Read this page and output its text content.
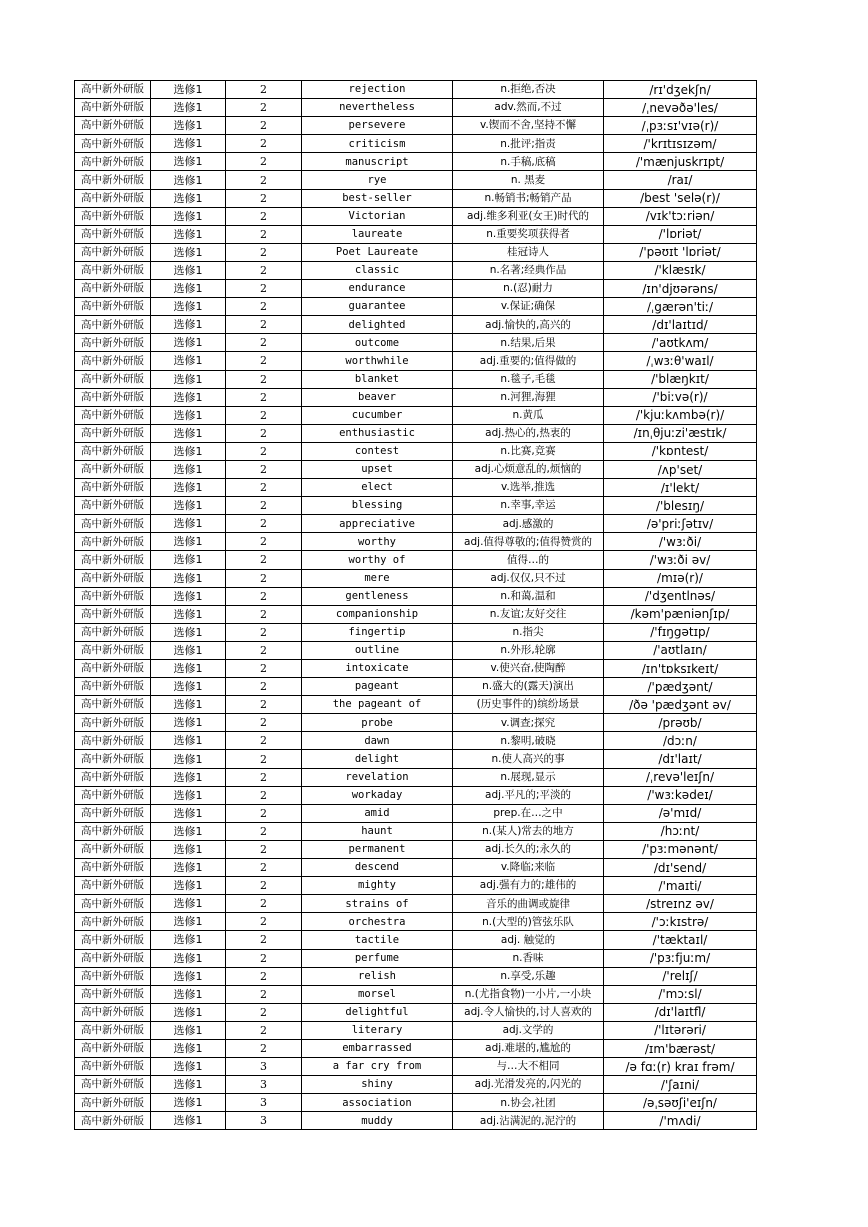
高中新外研版	选修1	2	rejection	n.拒绝,否决	/rɪ'dʒekʃn/
高中新外研版	选修1	2	nevertheless	adv.然而,不过	/ˌnevəðə'les/
高中新外研版	选修1	2	persevere	v.锲而不舍,坚持不懈	/ˌpɜːsɪ'vɪə(r)/
高中新外研版	选修1	2	criticism	n.批评;指责	/'krɪtɪsɪzəm/
高中新外研版	选修1	2	manuscript	n.手稿,底稿	/'mænjuskrɪpt/
高中新外研版	选修1	2	rye	n. 黑麦	/raɪ/
高中新外研版	选修1	2	best-seller	n.畅销书;畅销产品	/best 'selə(r)/
高中新外研版	选修1	2	Victorian	adj.维多利亚(女王)时代的	/vɪk'tɔːriən/
高中新外研版	选修1	2	laureate	n.重要奖项获得者	/'lɒriət/
高中新外研版	选修1	2	Poet Laureate	桂冠诗人	/'pəʊɪt 'lɒriət/
高中新外研版	选修1	2	classic	n.名著;经典作品	/'klæsɪk/
高中新外研版	选修1	2	endurance	n.(忍)耐力	/ɪn'djʊərəns/
高中新外研版	选修1	2	guarantee	v.保证;确保	/ˌgærən'tiː/
高中新外研版	选修1	2	delighted	adj.愉快的,高兴的	/dɪ'laɪtɪd/
高中新外研版	选修1	2	outcome	n.结果,后果	/'aʊtkʌm/
高中新外研版	选修1	2	worthwhile	adj.重要的;值得做的	/ˌwɜːθ'waɪl/
高中新外研版	选修1	2	blanket	n.毯子,毛毯	/'blæŋkɪt/
高中新外研版	选修1	2	beaver	n.河狸,海狸	/'biːvə(r)/
高中新外研版	选修1	2	cucumber	n.黄瓜	/'kjuːkʌmbə(r)/
高中新外研版	选修1	2	enthusiastic	adj.热心的,热衷的	/ɪnˌθjuːzi'æstɪk/
高中新外研版	选修1	2	contest	n.比赛,竞赛	/'kɒntest/
高中新外研版	选修1	2	upset	adj.心烦意乱的,烦恼的	/ʌp'set/
高中新外研版	选修1	2	elect	v.选举,推选	/ɪ'lekt/
高中新外研版	选修1	2	blessing	n.幸事,幸运	/'blesɪŋ/
高中新外研版	选修1	2	appreciative	adj.感激的	/ə'priːʃətɪv/
高中新外研版	选修1	2	worthy	adj.值得尊敬的;值得赞赏的	/'wɜːði/
高中新外研版	选修1	2	worthy of	值得…的	/'wɜːði əv/
高中新外研版	选修1	2	mere	adj.仅仅,只不过	/mɪə(r)/
高中新外研版	选修1	2	gentleness	n.和蔼,温和	/'dʒentlnəs/
高中新外研版	选修1	2	companionship	n.友谊;友好交往	/kəm'pæniənʃɪp/
高中新外研版	选修1	2	fingertip	n.指尖	/'fɪŋgətɪp/
高中新外研版	选修1	2	outline	n.外形,轮廓	/'aʊtlaɪn/
高中新外研版	选修1	2	intoxicate	v.使兴奋,使陶醉	/ɪn'tɒksɪkeɪt/
高中新外研版	选修1	2	pageant	n.盛大的(露天)演出	/'pædʒənt/
高中新外研版	选修1	2	the pageant of	(历史事件的)缤纷场景	/ðə 'pædʒənt əv/
高中新外研版	选修1	2	probe	v.调查;探究	/prəʊb/
高中新外研版	选修1	2	dawn	n.黎明,破晓	/dɔːn/
高中新外研版	选修1	2	delight	n.使人高兴的事	/dɪ'laɪt/
高中新外研版	选修1	2	revelation	n.展现,显示	/ˌrevə'leɪʃn/
高中新外研版	选修1	2	workaday	adj.平凡的;平淡的	/'wɜːkədeɪ/
高中新外研版	选修1	2	amid	prep.在…之中	/ə'mɪd/
高中新外研版	选修1	2	haunt	n.(某人)常去的地方	/hɔːnt/
高中新外研版	选修1	2	permanent	adj.长久的;永久的	/'pɜːmənənt/
高中新外研版	选修1	2	descend	v.降临;来临	/dɪ'send/
高中新外研版	选修1	2	mighty	adj.强有力的;雄伟的	/'maɪti/
高中新外研版	选修1	2	strains of	音乐的曲调或旋律	/streɪnz əv/
高中新外研版	选修1	2	orchestra	n.(大型的)管弦乐队	/'ɔːkɪstrə/
高中新外研版	选修1	2	tactile	adj. 触觉的	/'tæktaɪl/
高中新外研版	选修1	2	perfume	n.香味	/'pɜːfjuːm/
高中新外研版	选修1	2	relish	n.享受,乐趣	/'relɪʃ/
高中新外研版	选修1	2	morsel	n.(尤指食物)一小片,一小块	/'mɔːsl/
高中新外研版	选修1	2	delightful	adj.令人愉快的,讨人喜欢的	/dɪ'laɪtfl/
高中新外研版	选修1	2	literary	adj.文学的	/'lɪtərəri/
高中新外研版	选修1	2	embarrassed	adj.难堪的,尴尬的	/ɪm'bærəst/
高中新外研版	选修1	3	a far cry from	与…大不相同	/ə fɑː(r) kraɪ frəm/
高中新外研版	选修1	3	shiny	adj.光滑发亮的,闪光的	/'ʃaɪni/
高中新外研版	选修1	3	association	n.协会,社团	/əˌsəʊʃi'eɪʃn/
高中新外研版	选修1	3	muddy	adj.沾满泥的,泥泞的	/'mʌdi/
